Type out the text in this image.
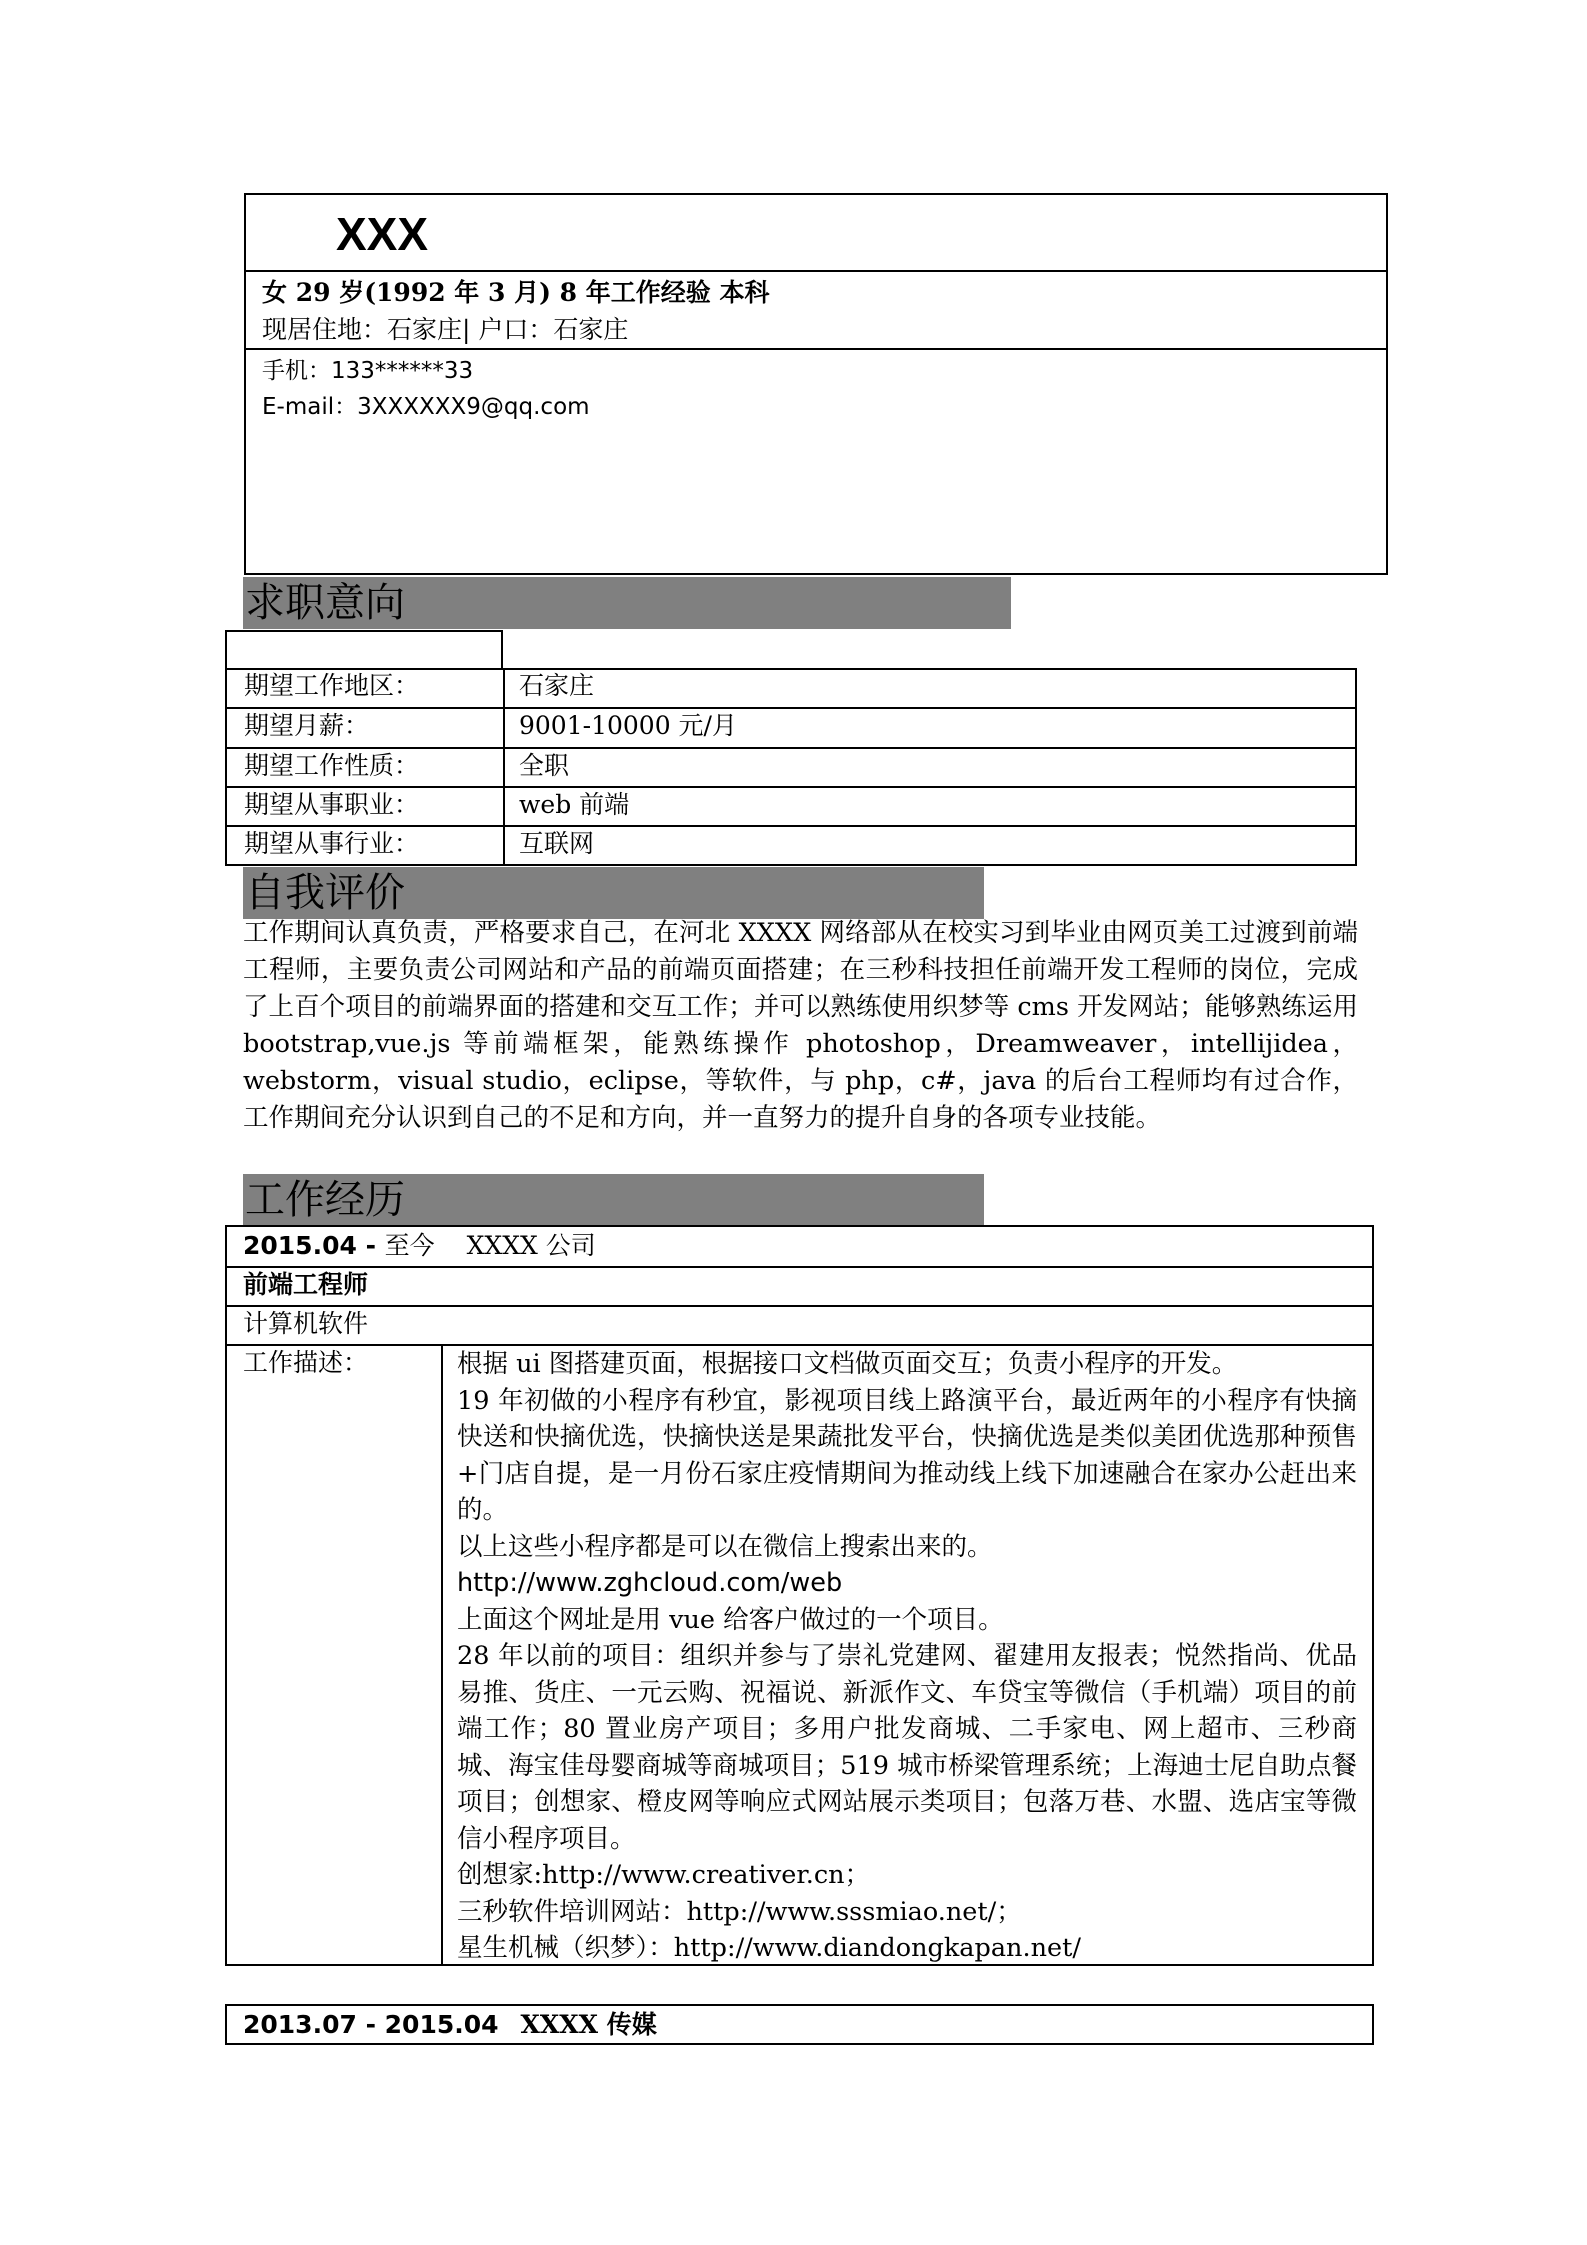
XXX
女 29 岁(1992 年 3 月) 8 年工作经验 本科
现居住地：石家庄| 户口：石家庄
手机：133******33
E-mail：3XXXXXX9@qq.com
求职意向
期望工作地区：	石家庄
期望月薪：	9001-10000 元/月
期望工作性质：	全职
期望从事职业：	web 前端
期望从事行业：	互联网
自我评价
工作期间认真负责，严格要求自己，在河北 XXXX 网络部从在校实习到毕业由网页美工过渡到前端工程师，主要负责公司网站和产品的前端页面搭建；在三秒科技担任前端开发工程师的岗位，完成了上百个项目的前端界面的搭建和交互工作；并可以熟练使用织梦等 cms 开发网站；能够熟练运用 bootstrap,vue.js 等前端框架，能熟练操作 photoshop，Dreamweaver，intellijidea，webstorm，visual studio，eclipse，等软件，与 php，c#，java 的后台工程师均有过合作，工作期间充分认识到自己的不足和方向，并一直努力的提升自身的各项专业技能。
工作经历
2015.04 - 至今 XXXX 公司
前端工程师
计算机软件
工作描述：	根据 ui 图搭建页面，根据接口文档做页面交互；负责小程序的开发。
19 年初做的小程序有秒宜，影视项目线上路演平台，最近两年的小程序有快摘快送和快摘优选，快摘快送是果蔬批发平台，快摘优选是类似美团优选那种预售+门店自提，是一月份石家庄疫情期间为推动线上线下加速融合在家办公赶出来的。
以上这些小程序都是可以在微信上搜索出来的。
http://www.zghcloud.com/web
上面这个网址是用 vue 给客户做过的一个项目。
28 年以前的项目：组织并参与了崇礼党建网、翟建用友报表；悦然指尚、优品易推、货庄、一元云购、祝福说、新派作文、车贷宝等微信（手机端）项目的前端工作；80 置业房产项目；多用户批发商城、二手家电、网上超市、三秒商城、海宝佳母婴商城等商城项目；519 城市桥梁管理系统；上海迪士尼自助点餐项目；创想家、橙皮网等响应式网站展示类项目；包落万巷、水盟、选店宝等微信小程序项目。
创想家:http://www.creativer.cn；
三秒软件培训网站：http://www.sssmiao.net/；
星生机械（织梦）：http://www.diandongkapan.net/
2013.07 - 2015.04 XXXX 传媒
